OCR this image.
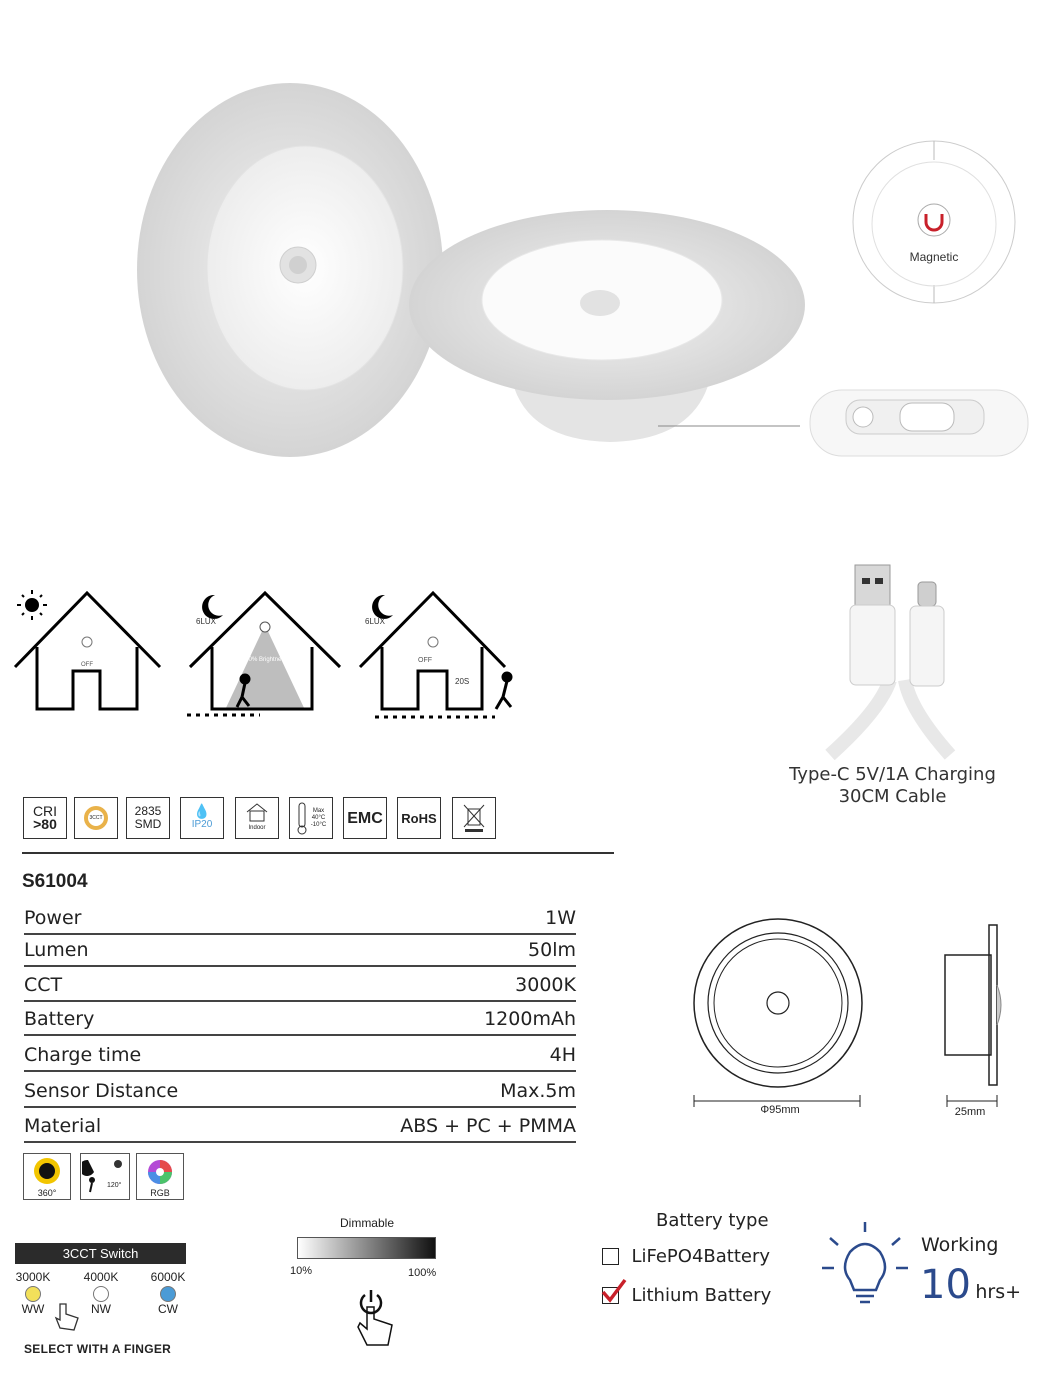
Magnetic
OFF
6LUX
100% Brightness
6LUX
OFF
20S
Type-C 5V/1A Charging
30CM Cable
CRI
>80	3CCT	2835
SMD
💧
IP20	Indoor
Max
40°C
-10°C EMC RoHS
S61004
Power	1W
Lumen	50lm
CCT	3000K
Battery	1200mAh
Charge time	4H
Sensor Distance	Max.5m
Material	ABS + PC + PMMA
Φ95mm	25mm
360°
120°
RGB
3CCT Switch
3000K
WW
4000K
NW
6000K
CW
SELECT WITH A FINGER
Dimmable
10%	100%
Battery type
LiFePO4Battery
Lithium Battery
Working
10 hrs+
